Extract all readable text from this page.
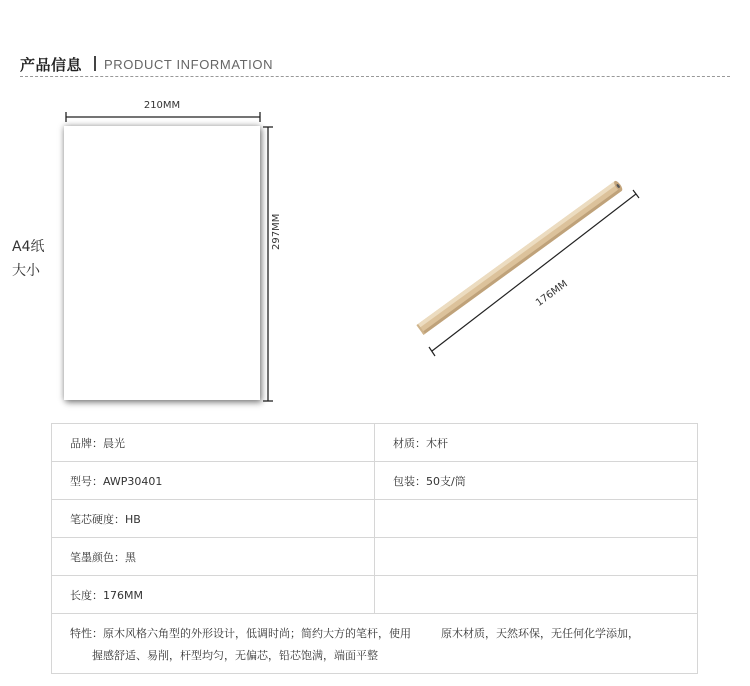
产品信息 PRODUCT INFORMATION
A4纸
大小
210MM
297MM
176MM
品牌：晨光	材质：木杆
型号：AWP30401	包装：50支/筒
笔芯硬度：HB	
笔墨颜色：黑	
长度：176MM	

特性：原木风格六角型的外形设计，低调时尚；简约大方的笔杆，使用 原木材质，天然环保，无任何化学添加，
握感舒适、易削，杆型均匀，无偏芯，铅芯饱满，端面平整	
